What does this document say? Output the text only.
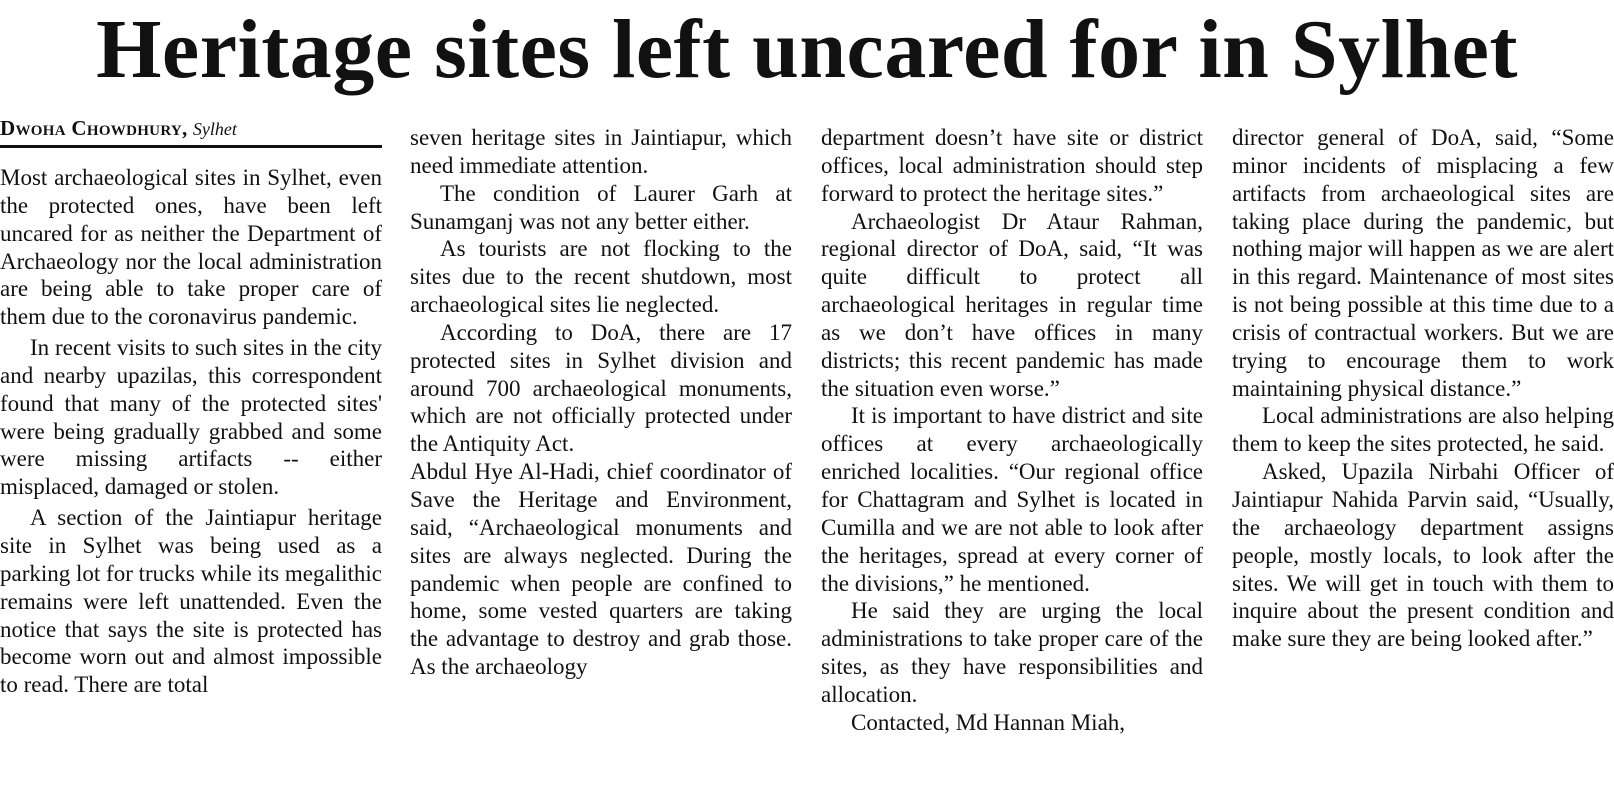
Heritage sites left uncared for in Sylhet
Dwoha Chowdhury, Sylhet

Most archaeological sites in Sylhet, even the protected ones, have been left uncared for as neither the Department of Archaeology nor the local administration are being able to take proper care of them due to the coronavirus pandemic.

In recent visits to such sites in the city and nearby upazilas, this correspondent found that many of the protected sites' were being gradually grabbed and some were missing artifacts -- either misplaced, damaged or stolen.

A section of the Jaintiapur heritage site in Sylhet was being used as a parking lot for trucks while its megalithic remains were left unattended. Even the notice that says the site is protected has become worn out and almost impossible to read. There are total

seven heritage sites in Jaintiapur, which need immediate attention.

The condition of Laurer Garh at Sunamganj was not any better either.

As tourists are not flocking to the sites due to the recent shutdown, most archaeological sites lie neglected.

According to DoA, there are 17 protected sites in Sylhet division and around 700 archaeological monuments, which are not officially protected under the Antiquity Act.

Abdul Hye Al-Hadi, chief coordinator of Save the Heritage and Environment, said, “Archaeological monuments and sites are always neglected. During the pandemic when people are confined to home, some vested quarters are taking the advantage to destroy and grab those. As the archaeology

department doesn’t have site or district offices, local administration should step forward to protect the heritage sites.”

Archaeologist Dr Ataur Rahman, regional director of DoA, said, “It was quite difficult to protect all archaeological heritages in regular time as we don’t have offices in many districts; this recent pandemic has made the situation even worse.”

It is important to have district and site offices at every archaeologically enriched localities. “Our regional office for Chattagram and Sylhet is located in Cumilla and we are not able to look after the heritages, spread at every corner of the divisions,” he mentioned.

He said they are urging the local administrations to take proper care of the sites, as they have responsibilities and allocation.

Contacted, Md Hannan Miah,

director general of DoA, said, “Some minor incidents of misplacing a few artifacts from archaeological sites are taking place during the pandemic, but nothing major will happen as we are alert in this regard. Maintenance of most sites is not being possible at this time due to a crisis of contractual workers. But we are trying to encourage them to work maintaining physical distance.”

Local administrations are also helping them to keep the sites protected, he said.

Asked, Upazila Nirbahi Officer of Jaintiapur Nahida Parvin said, “Usually, the archaeology department assigns people, mostly locals, to look after the sites. We will get in touch with them to inquire about the present condition and make sure they are being looked after.”
